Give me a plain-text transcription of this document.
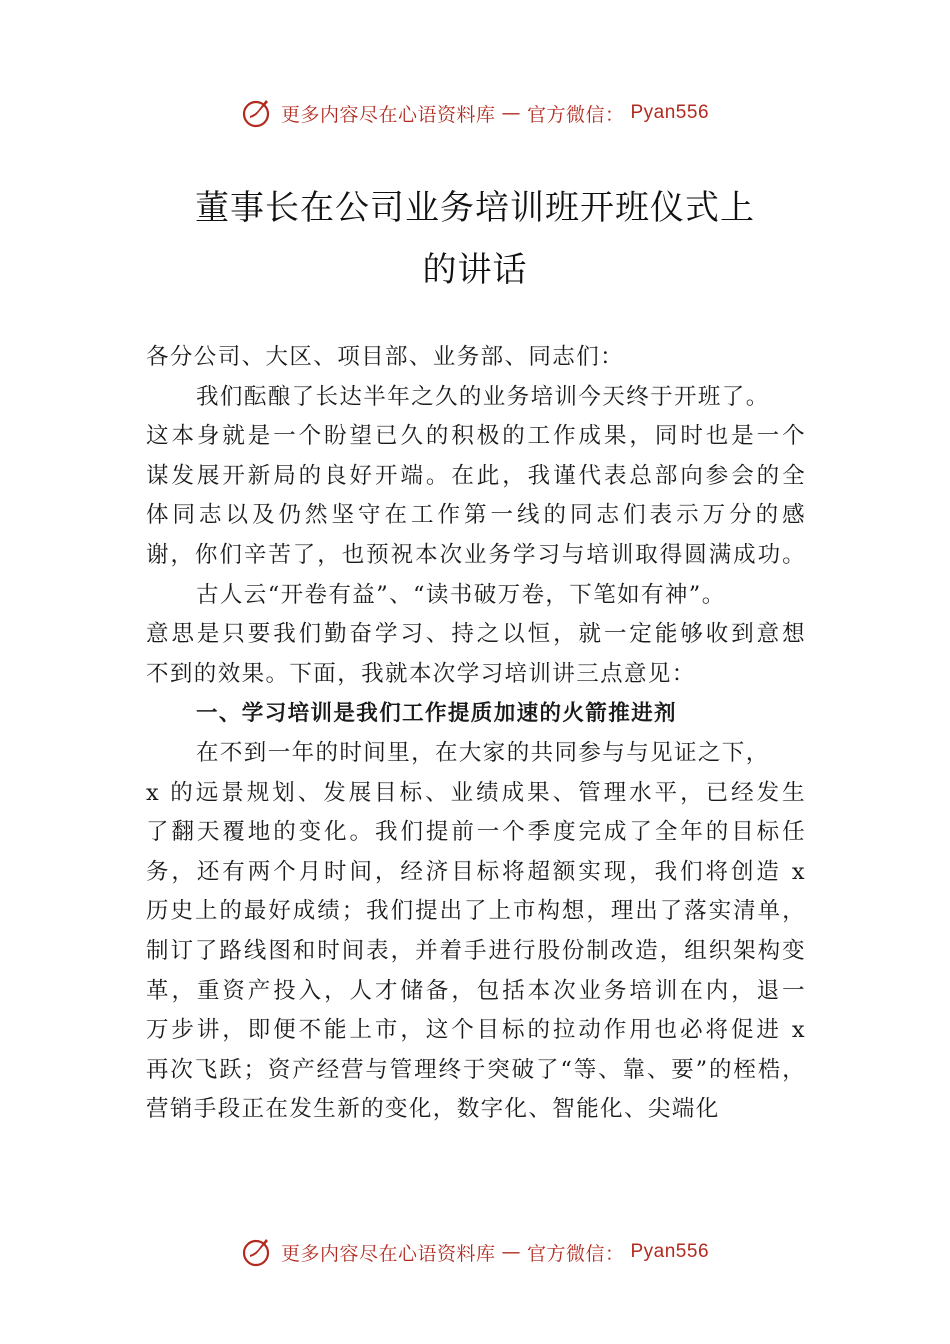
更多内容尽在心语资料库 — 官方微信： Pyan556
董事长在公司业务培训班开班仪式上
的讲话
各分公司、大区、项目部、业务部、同志们：
我们酝酿了长达半年之久的业务培训今天终于开班了。
这本身就是一个盼望已久的积极的工作成果，同时也是一个
谋发展开新局的良好开端。在此，我谨代表总部向参会的全
体同志以及仍然坚守在工作第一线的同志们表示万分的感
谢，你们辛苦了，也预祝本次业务学习与培训取得圆满成功。
古人云“开卷有益”、“读书破万卷，下笔如有神”。
意思是只要我们勤奋学习、持之以恒，就一定能够收到意想
不到的效果。下面，我就本次学习培训讲三点意见：
一、学习培训是我们工作提质加速的火箭推进剂
在不到一年的时间里，在大家的共同参与与见证之下，
x 的远景规划、发展目标、业绩成果、管理水平，已经发生
了翻天覆地的变化。我们提前一个季度完成了全年的目标任
务，还有两个月时间，经济目标将超额实现，我们将创造 x
历史上的最好成绩；我们提出了上市构想，理出了落实清单，
制订了路线图和时间表，并着手进行股份制改造，组织架构变
革，重资产投入，人才储备，包括本次业务培训在内，退一
万步讲，即便不能上市，这个目标的拉动作用也必将促进 x
再次飞跃；资产经营与管理终于突破了“等、靠、要”的桎梏，
营销手段正在发生新的变化，数字化、智能化、尖端化
更多内容尽在心语资料库 — 官方微信： Pyan556
